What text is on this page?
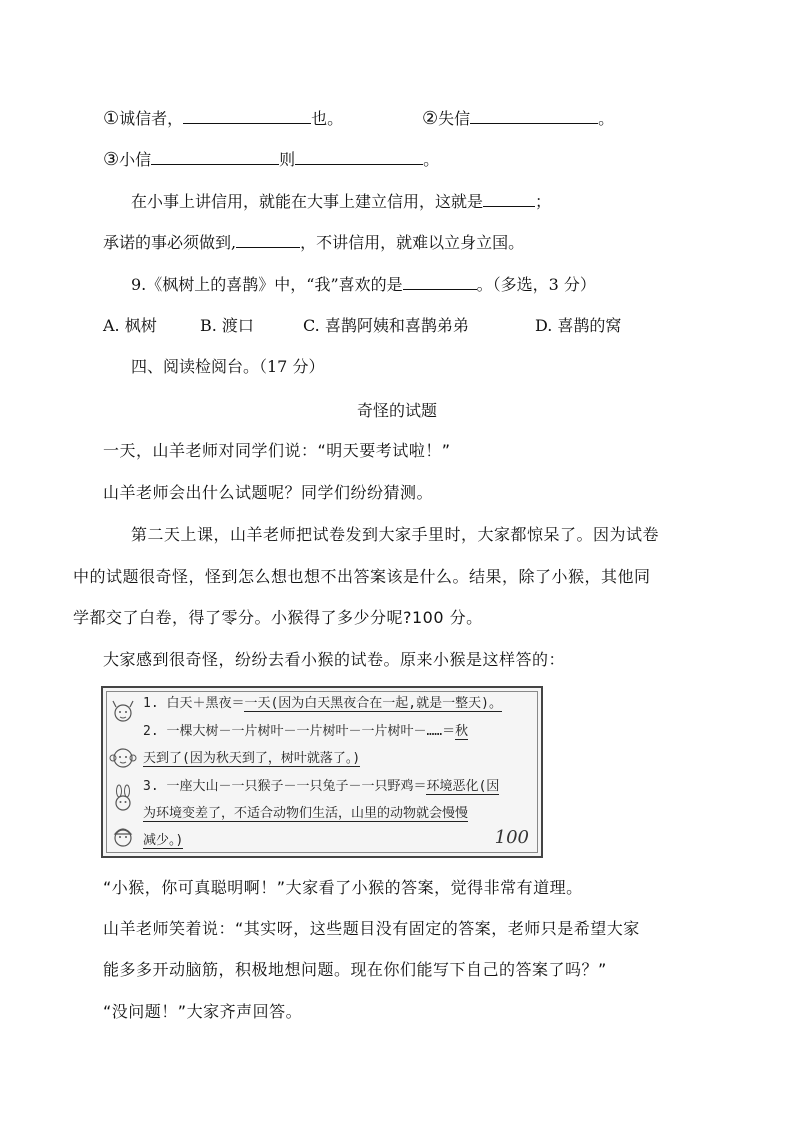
①诚信者，	也。	②失信	。
③小信	则	。
在小事上讲信用，就能在大事上建立信用，这就是	；
承诺的事必须做到,	，不讲信用，就难以立身立国。
9.《枫树上的喜鹊》中，“我”喜欢的是	。（多选，3 分）
A. 枫树	B. 渡口	C. 喜鹊阿姨和喜鹊弟弟	D. 喜鹊的窝
四、阅读检阅台。（17 分）
奇怪的试题
一天，山羊老师对同学们说：“明天要考试啦！”
山羊老师会出什么试题呢？同学们纷纷猜测。
第二天上课，山羊老师把试卷发到大家手里时，大家都惊呆了。因为试卷
中的试题很奇怪，怪到怎么想也想不出答案该是什么。结果，除了小猴，其他同
学都交了白卷，得了零分。小猴得了多少分呢?100 分。
大家感到很奇怪，纷纷去看小猴的试卷。原来小猴是这样答的：
1. 白天＋黑夜＝一天(因为白天黑夜合在一起,就是一整天)。
2. 一棵大树－一片树叶－一片树叶－一片树叶－……＝秋
天到了(因为秋天到了，树叶就落了。)
3. 一座大山－一只猴子－一只兔子－一只野鸡＝环境恶化(因
为环境变差了，不适合动物们生活，山里的动物就会慢慢
减少。)	100
“小猴，你可真聪明啊！”大家看了小猴的答案，觉得非常有道理。
山羊老师笑着说：“其实呀，这些题目没有固定的答案，老师只是希望大家
能多多开动脑筋，积极地想问题。现在你们能写下自己的答案了吗？”
“没问题！”大家齐声回答。
